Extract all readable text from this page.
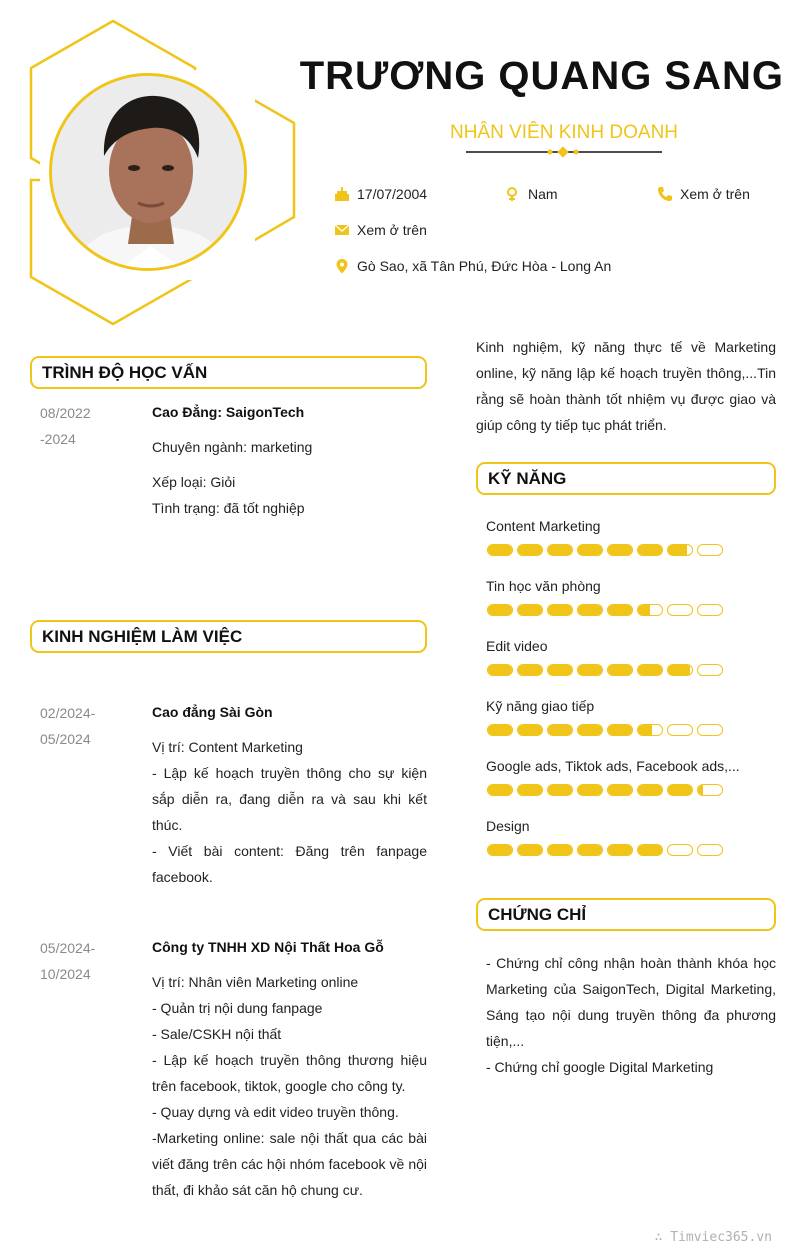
TRƯƠNG QUANG SANG
NHÂN VIÊN KINH DOANH
17/07/2004	Nam	Xem ở trên
Xem ở trên
Gò Sao, xã Tân Phú, Đức Hòa - Long An
Kinh nghiệm, kỹ năng thực tế về Marketing online, kỹ năng lập kế hoạch truyền thông,...Tin rằng sẽ hoàn thành tốt nhiệm vụ được giao và giúp công ty tiếp tục phát triển.
TRÌNH ĐỘ HỌC VẤN
08/2022
-2024

Cao Đẳng: SaigonTech

Chuyên ngành: marketing

Xếp loại: Giỏi

Tình trạng: đã tốt nghiệp

KINH NGHIỆM LÀM VIỆC
02/2024-
05/2024

Cao đẳng Sài Gòn

Vị trí: Content Marketing

- Lập kế hoạch truyền thông cho sự kiện sắp diễn ra, đang diễn ra và sau khi kết thúc.

- Viết bài content: Đăng trên fanpage facebook.

05/2024-
10/2024

Công ty TNHH XD Nội Thất Hoa Gỗ

Vị trí: Nhân viên Marketing online

- Quản trị nội dung fanpage

- Sale/CSKH nội thất

- Lập kế hoạch truyền thông thương hiệu trên facebook, tiktok, google cho công ty.

- Quay dựng và edit video truyền thông.

-Marketing online: sale nội thất qua các bài viết đăng trên các hội nhóm facebook về nội thất, đi khảo sát căn hộ chung cư.

KỸ NĂNG
Content Marketing
Tin học văn phòng
Edit video
Kỹ năng giao tiếp
Google ads, Tiktok ads, Facebook ads,...
Design
CHỨNG CHỈ

- Chứng chỉ công nhận hoàn thành khóa học Marketing của SaigonTech, Digital Marketing, Sáng tạo nội dung truyền thông đa phương tiện,...

- Chứng chỉ google Digital Marketing

∴ Timviec365.vn
